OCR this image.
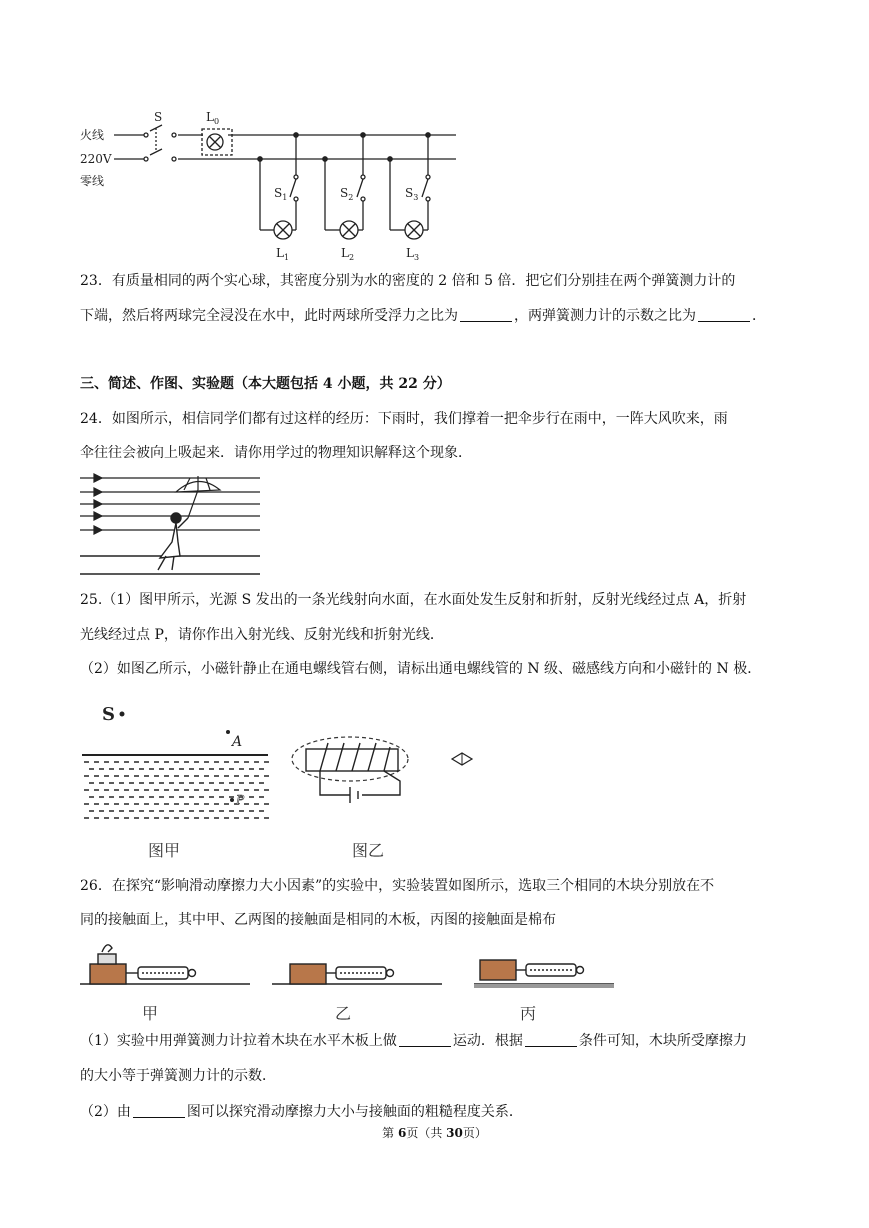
火线
220V
零线
S	$L_0$
$S_1$	$S_2$	$S_3$
$L_1$	$L_2$	$L_3$
23．有质量相同的两个实心球，其密度分别为水的密度的 2 倍和 5 倍．把它们分别挂在两个弹簧测力计的
下端，然后将两球完全浸没在水中，此时两球所受浮力之比为	，两弹簧测力计的示数之比为	．
三、简述、作图、实验题（本大题包括 4 小题，共 22 分）
24．如图所示，相信同学们都有过这样的经历：下雨时，我们撑着一把伞步行在雨中，一阵大风吹来，雨
伞往往会被向上吸起来．请你用学过的物理知识解释这个现象．
25.（1）图甲所示，光源 S 发出的一条光线射向水面，在水面处发生反射和折射，反射光线经过点 A，折射
光线经过点 P，请你作出入射光线、反射光线和折射光线．
（2）如图乙所示，小磁针静止在通电螺线管右侧，请标出通电螺线管的 N 级、磁感线方向和小磁针的 N 极．
S
A
P
图甲	图乙
26．在探究“影响滑动摩擦力大小因素”的实验中，实验装置如图所示，选取三个相同的木块分别放在不
同的接触面上，其中甲、乙两图的接触面是相同的木板，丙图的接触面是棉布
甲	乙	丙
（1）实验中用弹簧测力计拉着木块在水平木板上做	运动．根据	条件可知，木块所受摩擦力
的大小等于弹簧测力计的示数．
（2）由	图可以探究滑动摩擦力大小与接触面的粗糙程度关系．
第 6页（共 30页）
